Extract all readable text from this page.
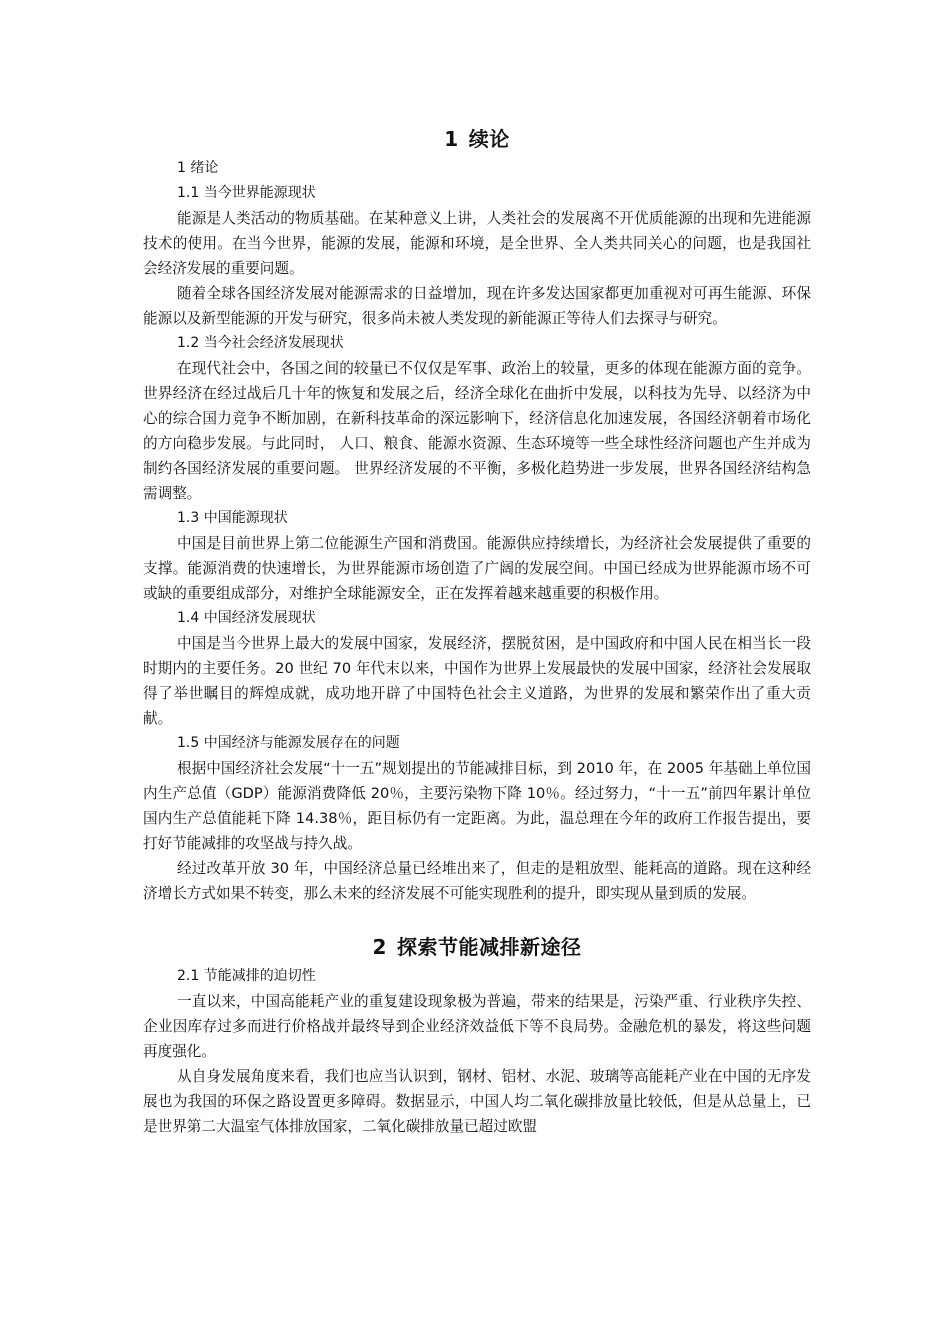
1 续论

1 绪论

1.1 当今世界能源现状

能源是人类活动的物质基础。在某种意义上讲，人类社会的发展离不开优质能源的出现和先进能源技术的使用。在当今世界，能源的发展，能源和环境，是全世界、全人类共同关心的问题，也是我国社会经济发展的重要问题。

随着全球各国经济发展对能源需求的日益增加，现在许多发达国家都更加重视对可再生能源、环保能源以及新型能源的开发与研究，很多尚未被人类发现的新能源正等待人们去探寻与研究。

1.2 当今社会经济发展现状

在现代社会中，各国之间的较量已不仅仅是军事、政治上的较量，更多的体现在能源方面的竞争。世界经济在经过战后几十年的恢复和发展之后，经济全球化在曲折中发展，以科技为先导、以经济为中心的综合国力竞争不断加剧，在新科技革命的深远影响下，经济信息化加速发展，各国经济朝着市场化的方向稳步发展。与此同时， 人口、粮食、能源水资源、生态环境等一些全球性经济问题也产生并成为制约各国经济发展的重要问题。 世界经济发展的不平衡，多极化趋势进一步发展，世界各国经济结构急需调整。

1.3 中国能源现状

中国是目前世界上第二位能源生产国和消费国。能源供应持续增长，为经济社会发展提供了重要的支撑。能源消费的快速增长，为世界能源市场创造了广阔的发展空间。中国已经成为世界能源市场不可或缺的重要组成部分，对维护全球能源安全，正在发挥着越来越重要的积极作用。

1.4 中国经济发展现状

中国是当今世界上最大的发展中国家，发展经济，摆脱贫困，是中国政府和中国人民在相当长一段时期内的主要任务。20 世纪 70 年代末以来，中国作为世界上发展最快的发展中国家，经济社会发展取得了举世瞩目的辉煌成就，成功地开辟了中国特色社会主义道路，为世界的发展和繁荣作出了重大贡献。

1.5 中国经济与能源发展存在的问题

根据中国经济社会发展“十一五”规划提出的节能减排目标，到 2010 年，在 2005 年基础上单位国内生产总值（GDP）能源消费降低 20％，主要污染物下降 10％。经过努力，“十一五”前四年累计单位国内生产总值能耗下降 14.38％，距目标仍有一定距离。为此，温总理在今年的政府工作报告提出，要打好节能减排的攻坚战与持久战。

经过改革开放 30 年，中国经济总量已经堆出来了，但走的是粗放型、能耗高的道路。现在这种经济增长方式如果不转变，那么未来的经济发展不可能实现胜利的提升，即实现从量到质的发展。

2 探索节能减排新途径

2.1 节能减排的迫切性

一直以来，中国高能耗产业的重复建设现象极为普遍，带来的结果是，污染严重、行业秩序失控、企业因库存过多而进行价格战并最终导到企业经济效益低下等不良局势。金融危机的暴发，将这些问题再度强化。

从自身发展角度来看，我们也应当认识到，钢材、铝材、水泥、玻璃等高能耗产业在中国的无序发展也为我国的环保之路设置更多障碍。数据显示，中国人均二氧化碳排放量比较低，但是从总量上，已是世界第二大温室气体排放国家，二氧化碳排放量已超过欧盟
